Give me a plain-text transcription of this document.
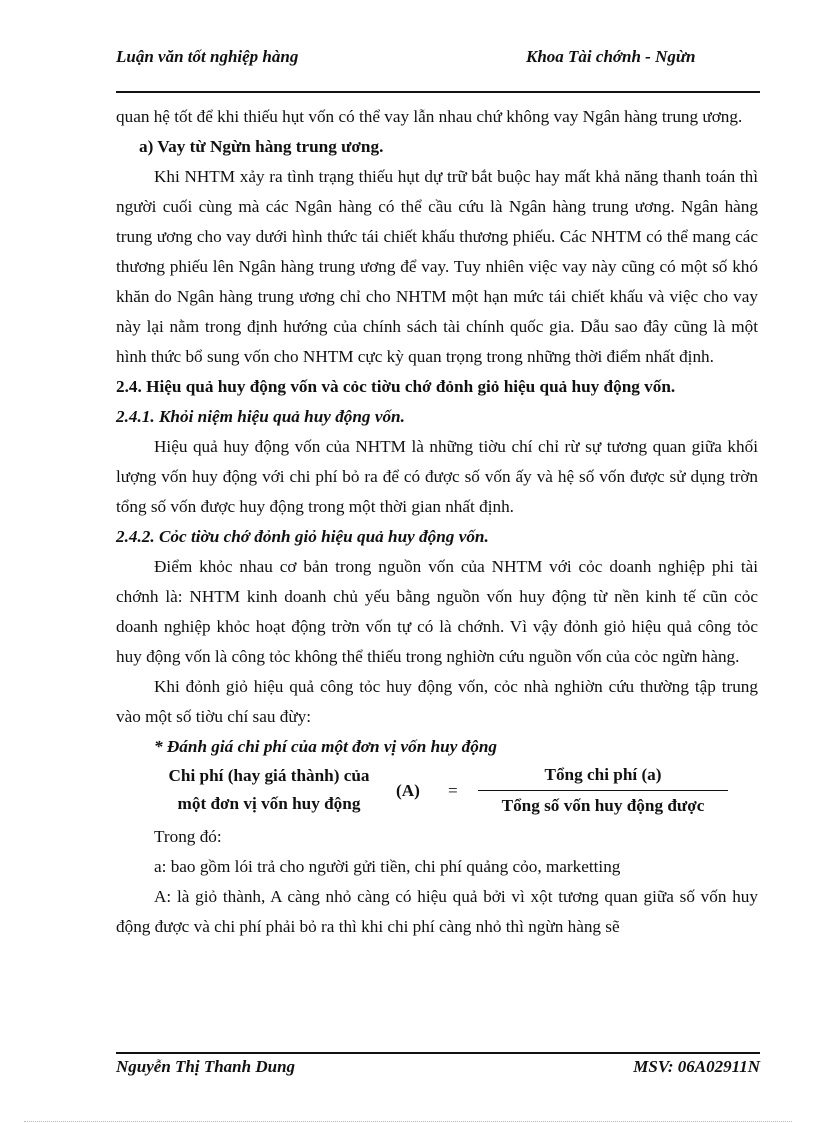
Luận văn tốt nghiệp hàng	Khoa Tài chớnh - Ngừn

quan hệ tốt để khi thiếu hụt vốn có thể vay lẫn nhau chứ không vay Ngân hàng trung ương.

a) Vay từ Ngừn hàng trung ương.

Khi NHTM xảy ra tình trạng thiếu hụt dự trữ bắt buộc hay mất khả năng thanh toán thì người cuối cùng mà các Ngân hàng có thể cầu cứu là Ngân hàng trung ương. Ngân hàng trung ương cho vay dưới hình thức tái chiết khấu thương phiếu. Các NHTM có thể mang các thương phiếu lên Ngân hàng trung ương để vay. Tuy nhiên việc vay này cũng có một số khó khăn do Ngân hàng trung ương chỉ cho NHTM một hạn mức tái chiết khấu và việc cho vay này lại nằm trong định hướng của chính sách tài chính quốc gia. Dẫu sao đây cũng là một hình thức bổ sung vốn cho NHTM cực kỳ quan trọng trong những thời điểm nhất định.

2.4. Hiệu quả huy động vốn và cỏc tiờu chớ đỏnh giỏ hiệu quả huy động vốn.

2.4.1. Khỏi niệm hiệu quả huy động vốn.

Hiệu quả huy động vốn của NHTM là những tiờu chí chỉ rừ sự tương quan giữa khối lượng vốn huy động với chi phí bỏ ra để có được số vốn ấy và hệ số vốn được sử dụng trờn tổng số vốn được huy động trong một thời gian nhất định.

2.4.2. Cỏc tiờu chớ đỏnh giỏ hiệu quả huy động vốn.

Điểm khỏc nhau cơ bản trong nguồn vốn của NHTM với cỏc doanh nghiệp phi tài chớnh là: NHTM kinh doanh chủ yếu bằng nguồn vốn huy động từ nền kinh tế cũn cỏc doanh nghiệp khỏc hoạt động trờn vốn tự có là chớnh. Vì vậy đỏnh giỏ hiệu quả công tỏc huy động vốn là công tỏc không thể thiếu trong nghiờn cứu nguồn vốn của cỏc ngừn hàng.

Khi đỏnh giỏ hiệu quả công tỏc huy động vốn, cỏc nhà nghiờn cứu thường tập trung vào một số tiờu chí sau đừy:

* Đánh giá chi phí của một đơn vị vốn huy động

Chi phí (hay giá thành) của
một đơn vị vốn huy động
(A) =
Tổng chi phí (a)
Tổng số vốn huy động được

Trong đó:

a: bao gồm lói trả cho người gửi tiền, chi phí quảng cỏo, marketting

A: là giỏ thành, A càng nhỏ càng có hiệu quả bởi vì xột tương quan giữa số vốn huy động được và chi phí phải bỏ ra thì khi chi phí càng nhỏ thì ngừn hàng sẽ

Nguyễn Thị Thanh Dung	MSV: 06A02911N
